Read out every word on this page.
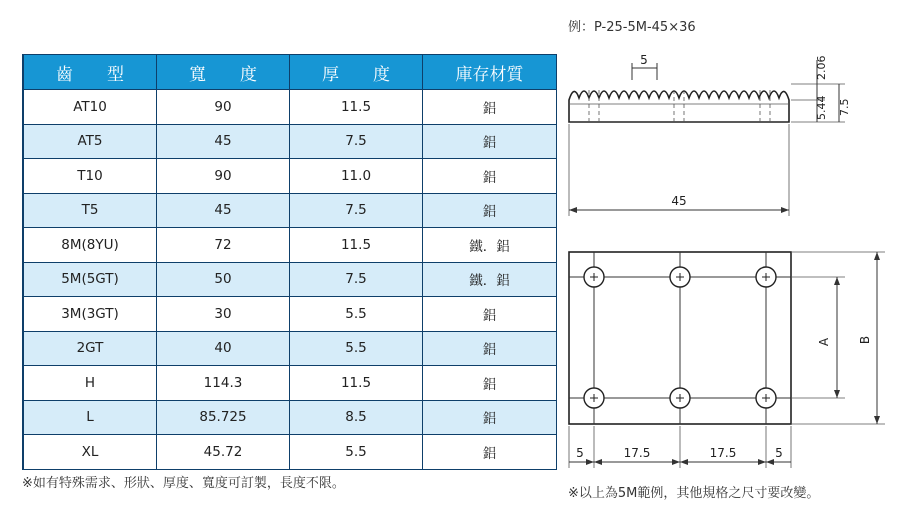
例：P-25-5M-45×36
齒　　型	寬　　度	厚　　度	庫存材質
AT10	90	11.5	鋁
AT5	45	7.5	鋁
T10	90	11.0	鋁
T5	45	7.5	鋁
8M(8YU)	72	11.5	鐵．鋁
5M(5GT)	50	7.5	鐵．鋁
3M(3GT)	30	5.5	鋁
2GT	40	5.5	鋁
H	114.3	11.5	鋁
L	85.725	8.5	鋁
XL	45.72	5.5	鋁
※如有特殊需求、形狀、厚度、寬度可訂製，長度不限。
5	2.06
5.44 7.5
45
A B
5	17.5	17.5	5
※以上為5M範例，其他規格之尺寸要改變。
